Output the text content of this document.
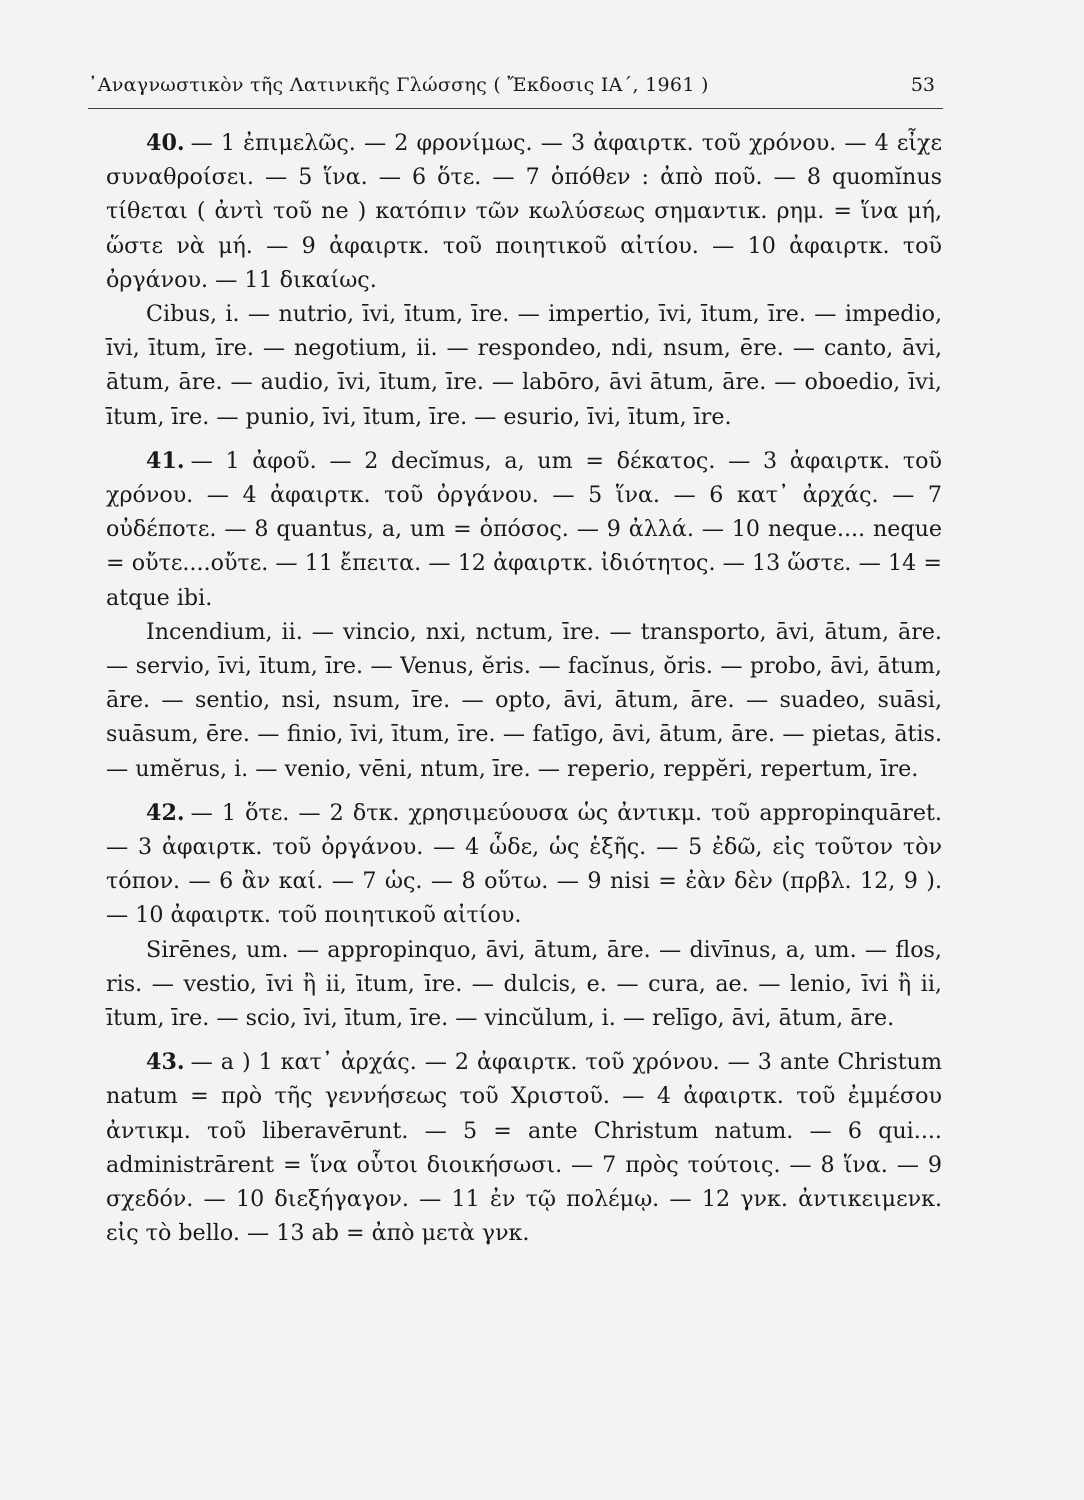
᾿Αναγνωστικὸν τῆς Λατινικῆς Γλώσσης ( Ἔκδοσις ΙΑ΄, 1961 )	53

40. — 1 ἐπιμελῶς. — 2 φρονίμως. — 3 ἀφαιρτκ. τοῦ χρόνου. — 4 εἶχε συναθροίσει. — 5 ἵνα. — 6 ὅτε. — 7 ὁπόθεν : ἀπὸ ποῦ. — 8 quomĭnus τίθεται ( ἀντὶ τοῦ ne ) κατόπιν τῶν κωλύσεως σημαντικ. ρημ. = ἵνα μή, ὥστε νὰ μή. — 9 ἀφαιρτκ. τοῦ ποιητικοῦ αἰτίου. — 10 ἀφαιρτκ. τοῦ ὀργάνου. — 11 δικαίως.

Cibus, i. — nutrio, īvi, ītum, īre. — impertio, īvi, ītum, īre. — impedio, īvi, ītum, īre. — negotium, ii. — respondeo, ndi, nsum, ēre. — canto, āvi, ātum, āre. — audio, īvi, ītum, īre. — labōro, āvi ātum, āre. — oboedio, īvi, ītum, īre. — punio, īvi, ītum, īre. — esurio, īvi, ītum, īre.

41. — 1 ἀφοῦ. — 2 decĭmus, a, um = δέκατος. — 3 ἀφαιρτκ. τοῦ χρόνου. — 4 ἀφαιρτκ. τοῦ ὀργάνου. — 5 ἵνα. — 6 κατ᾿ ἀρχάς. — 7 οὐδέποτε. — 8 quantus, a, um = ὁπόσος. — 9 ἀλλά. — 10 neque.... neque = οὔτε....οὔτε. — 11 ἔπειτα. — 12 ἀφαιρτκ. ἰδιότητος. — 13 ὥστε. — 14 = atque ibi.

Incendium, ii. — vincio, nxi, nctum, īre. — transporto, āvi, ātum, āre. — servio, īvi, ītum, īre. — Venus, ĕris. — facĭnus, ŏris. — probo, āvi, ātum, āre. — sentio, nsi, nsum, īre. — opto, āvi, ātum, āre. — suadeo, suāsi, suāsum, ēre. — finio, īvi, ītum, īre. — fatīgo, āvi, ātum, āre. — pietas, ātis. — umĕrus, i. — venio, vēni, ntum, īre. — reperio, reppĕri, repertum, īre.

42. — 1 ὅτε. — 2 δτκ. χρησιμεύουσα ὡς ἀντικμ. τοῦ appropinquāret. — 3 ἀφαιρτκ. τοῦ ὀργάνου. — 4 ὧδε, ὡς ἑξῆς. — 5 ἐδῶ, εἰς τοῦτον τὸν τόπον. — 6 ἂν καί. — 7 ὡς. — 8 οὕτω. — 9 nisi = ἐὰν δὲν (πρβλ. 12, 9 ). — 10 ἀφαιρτκ. τοῦ ποιητικοῦ αἰτίου.

Sirēnes, um. — appropinquo, āvi, ātum, āre. — divīnus, a, um. — flos, ris. — vestio, īvi ἢ ii, ītum, īre. — dulcis, e. — cura, ae. — lenio, īvi ἢ ii, ītum, īre. — scio, īvi, ītum, īre. — vincŭlum, i. — relīgo, āvi, ātum, āre.

43. — a ) 1 κατ᾿ ἀρχάς. — 2 ἀφαιρτκ. τοῦ χρόνου. — 3 ante Christum natum = πρὸ τῆς γεννήσεως τοῦ Χριστοῦ. — 4 ἀφαιρτκ. τοῦ ἐμμέσου ἀντικμ. τοῦ liberavērunt. — 5 = ante Christum natum. — 6 qui.... administrārent = ἵνα οὗτοι διοικήσωσι. — 7 πρὸς τούτοις. — 8 ἵνα. — 9 σχεδόν. — 10 διεξήγαγον. — 11 ἐν τῷ πολέμῳ. — 12 γνκ. ἀντικειμενκ. εἰς τὸ bello. — 13 ab = ἀπὸ μετὰ γνκ.
